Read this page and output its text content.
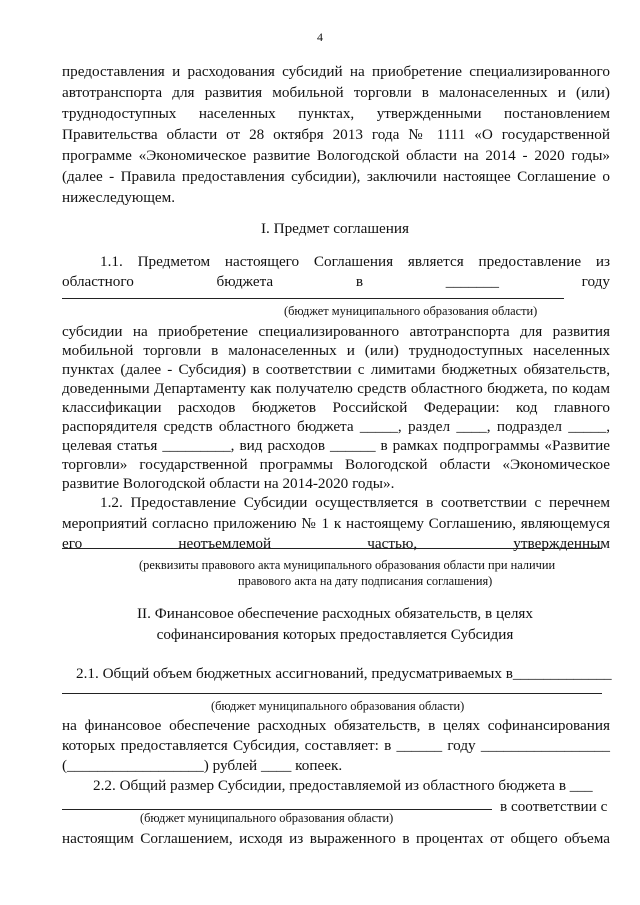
4
предоставления и расходования субсидий на приобретение специализированного
автотранспорта для развития мобильной торговли в малонаселенных и (или)
труднодоступных населенных пунктах, утвержденными постановлением
Правительства области от 28 октября 2013 года № 1111 «О государственной
программе «Экономическое развитие Вологодской области на 2014 - 2020 годы»
(далее - Правила предоставления субсидии), заключили настоящее Соглашение о
нижеследующем.
I. Предмет соглашения
1.1. Предметом настоящего Соглашения является предоставление из
областного	бюджета	в	_______	году
(бюджет муниципального образования области)
субсидии на приобретение специализированного автотранспорта для развития
мобильной торговли в малонаселенных и (или) труднодоступных населенных
пунктах (далее - Субсидия) в соответствии с лимитами бюджетных обязательств,
доведенными Департаменту как получателю средств областного бюджета, по кодам
классификации расходов бюджетов Российской Федерации: код главного
распорядителя средств областного бюджета _____, раздел ____, подраздел _____,
целевая статья _________, вид расходов ______ в рамках подпрограммы «Развитие
торговли» государственной программы Вологодской области «Экономическое
развитие Вологодской области на 2014-2020 годы».
1.2. Предоставление Субсидии осуществляется в соответствии с перечнем
мероприятий согласно приложению № 1 к настоящему Соглашению, являющемуся
его	неотъемлемой	частью,	утвержденным
(реквизиты правового акта муниципального образования области при наличии
правового акта на дату подписания соглашения)
II. Финансовое обеспечение расходных обязательств, в целях
софинансирования которых предоставляется Субсидия
2.1. Общий объем бюджетных ассигнований, предусматриваемых в_____________
(бюджет муниципального образования области)
на финансовое обеспечение расходных обязательств, в целях софинансирования
которых предоставляется Субсидия, составляет: в ______ году _________________
(__________________) рублей ____ копеек.
2.2. Общий размер Субсидии, предоставляемой из областного бюджета в ___
в соответствии с
(бюджет муниципального образования области)
настоящим Соглашением, исходя из выраженного в процентах от общего объема
